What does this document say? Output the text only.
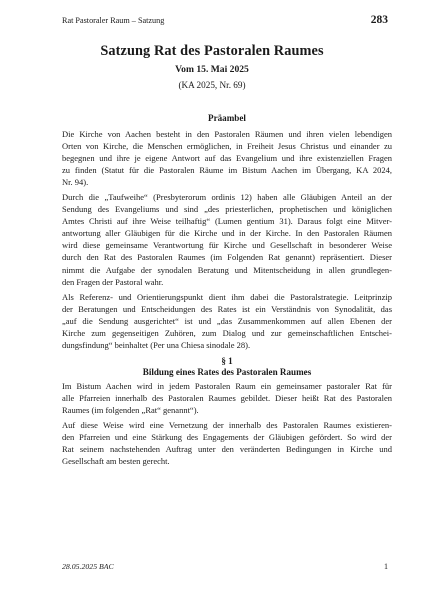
Rat Pastoraler Raum – Satzung	283
Satzung Rat des Pastoralen Raumes
Vom 15. Mai 2025
(KA 2025, Nr. 69)
Präambel

Die Kirche von Aachen besteht in den Pastoralen Räumen und ihren vielen lebendigen
Orten von Kirche, die Menschen ermöglichen, in Freiheit Jesus Christus und einander zu
begegnen und ihre je eigene Antwort auf das Evangelium und ihre existenziellen Fragen
zu finden (Statut für die Pastoralen Räume im Bistum Aachen im Übergang, KA 2024,
Nr. 94).

Durch die „Taufweihe“ (Presbyterorum ordinis 12) haben alle Gläubigen Anteil an der
Sendung des Evangeliums und sind „des priesterlichen, prophetischen und königlichen
Amtes Christi auf ihre Weise teilhaftig“ (Lumen gentium 31). Daraus folgt eine Mitver-
antwortung aller Gläubigen für die Kirche und in der Kirche. In den Pastoralen Räumen
wird diese gemeinsame Verantwortung für Kirche und Gesellschaft in besonderer Weise
durch den Rat des Pastoralen Raumes (im Folgenden Rat genannt) repräsentiert. Dieser
nimmt die Aufgabe der synodalen Beratung und Mitentscheidung in allen grundlegen-
den Fragen der Pastoral wahr.

Als Referenz- und Orientierungspunkt dient ihm dabei die Pastoralstrategie. Leitprinzip
der Beratungen und Entscheidungen des Rates ist ein Verständnis von Synodalität, das
„auf die Sendung ausgerichtet“ ist und „das Zusammenkommen auf allen Ebenen der
Kirche zum gegenseitigen Zuhören, zum Dialog und zur gemeinschaftlichen Entschei-
dungsfindung“ beinhaltet (Per una Chiesa sinodale 28).

§ 1
Bildung eines Rates des Pastoralen Raumes

Im Bistum Aachen wird in jedem Pastoralen Raum ein gemeinsamer pastoraler Rat für
alle Pfarreien innerhalb des Pastoralen Raumes gebildet. Dieser heißt Rat des Pastoralen
Raumes (im folgenden „Rat“ genannt“).

Auf diese Weise wird eine Vernetzung der innerhalb des Pastoralen Raumes existieren-
den Pfarreien und eine Stärkung des Engagements der Gläubigen gefördert. So wird der
Rat seinem nachstehenden Auftrag unter den veränderten Bedingungen in Kirche und
Gesellschaft am besten gerecht.

28.05.2025 BAC	1
